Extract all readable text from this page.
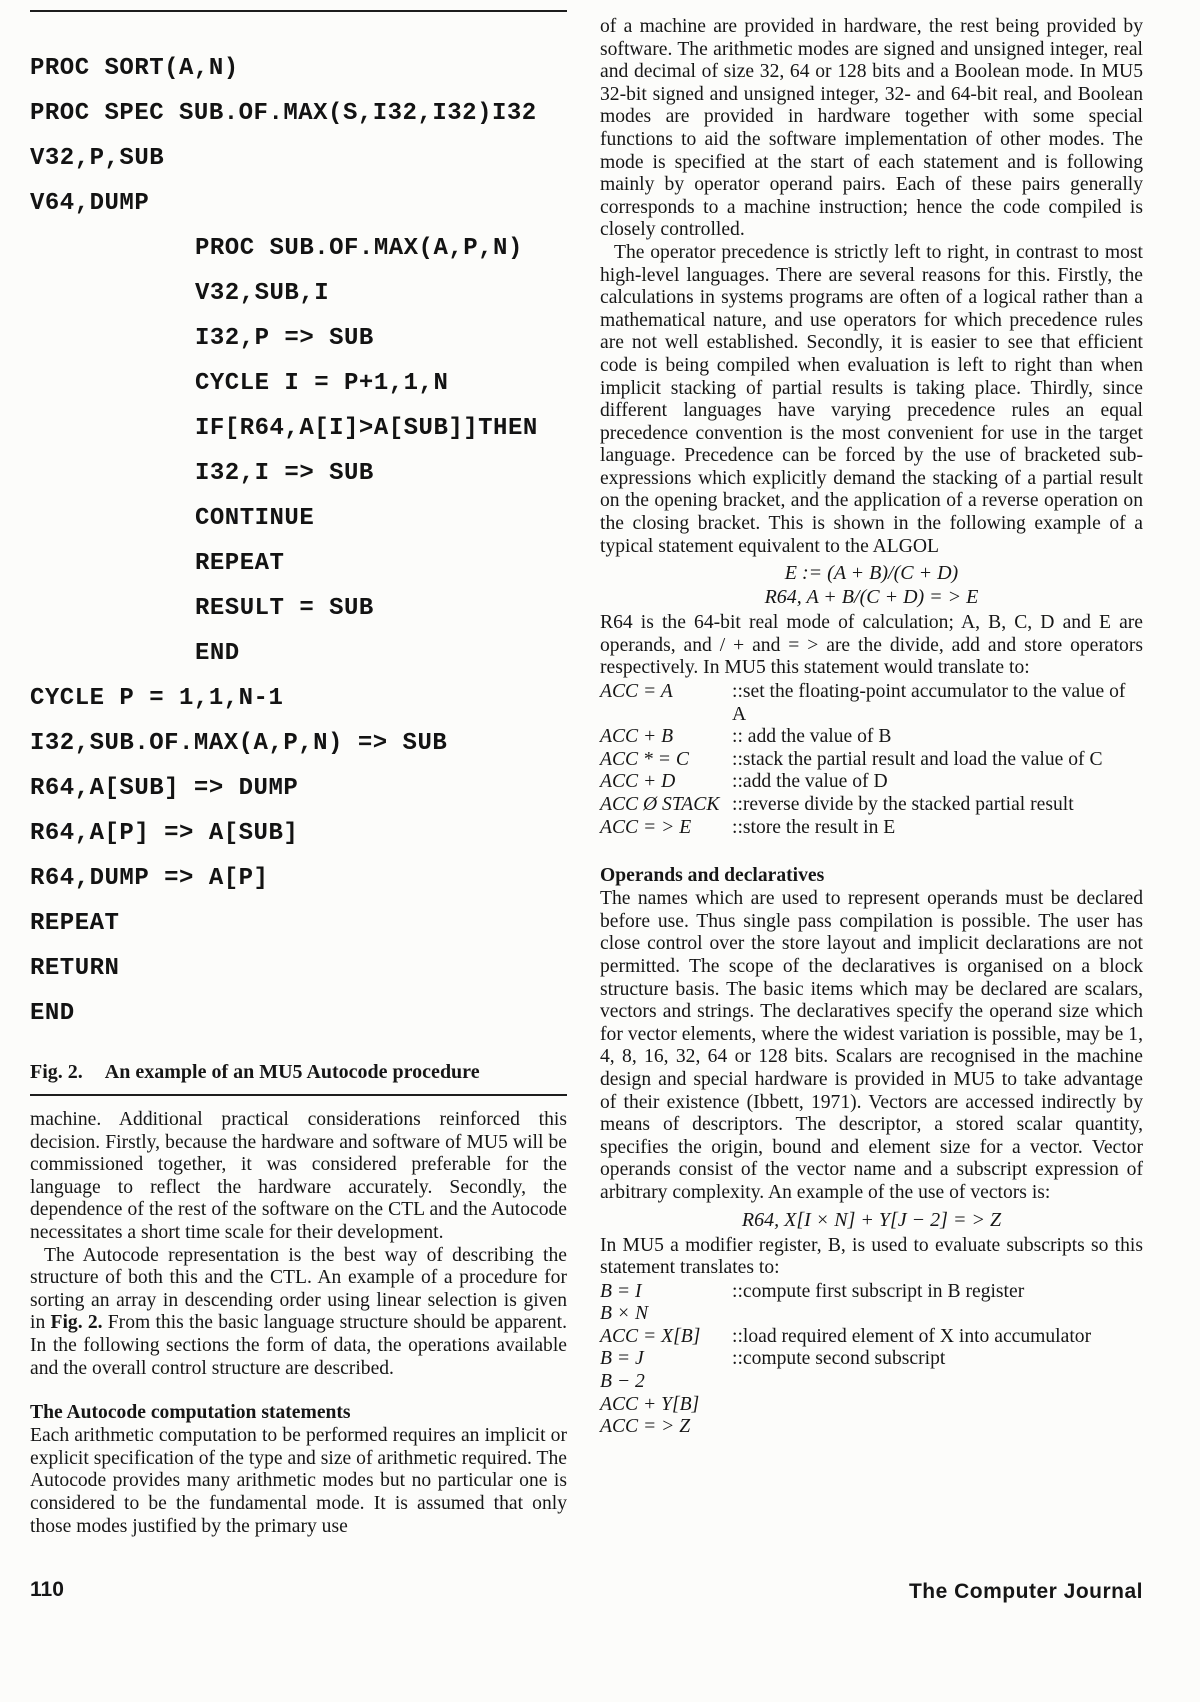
PROC SORT(A,N)
PROC SPEC SUB.OF.MAX(S,I32,I32)I32
V32,P,SUB
V64,DUMP
PROC SUB.OF.MAX(A,P,N)
V32,SUB,I
I32,P => SUB
CYCLE I = P+1,1,N
IF[R64,A[I]>A[SUB]]THEN
I32,I => SUB
CONTINUE
REPEAT
RESULT = SUB
END
CYCLE P = 1,1,N-1
I32,SUB.OF.MAX(A,P,N) => SUB
R64,A[SUB] => DUMP
R64,A[P] => A[SUB]
R64,DUMP => A[P]
REPEAT
RETURN
END
Fig. 2. An example of an MU5 Autocode procedure

machine. Additional practical considerations reinforced this decision. Firstly, because the hardware and software of MU5 will be commissioned together, it was considered preferable for the language to reflect the hardware accurately. Secondly, the dependence of the rest of the software on the CTL and the Autocode necessitates a short time scale for their development.

The Autocode representation is the best way of describing the structure of both this and the CTL. An example of a procedure for sorting an array in descending order using linear selection is given in Fig. 2. From this the basic language structure should be apparent. In the following sections the form of data, the operations available and the overall control structure are described.

The Autocode computation statements

Each arithmetic computation to be performed requires an implicit or explicit specification of the type and size of arithmetic required. The Autocode provides many arithmetic modes but no particular one is considered to be the fundamental mode. It is assumed that only those modes justified by the primary use

110

of a machine are provided in hardware, the rest being provided by software. The arithmetic modes are signed and unsigned integer, real and decimal of size 32, 64 or 128 bits and a Boolean mode. In MU5 32-bit signed and unsigned integer, 32- and 64-bit real, and Boolean modes are provided in hardware together with some special functions to aid the software implementation of other modes. The mode is specified at the start of each statement and is following mainly by operator operand pairs. Each of these pairs generally corresponds to a machine instruction; hence the code compiled is closely controlled.

The operator precedence is strictly left to right, in contrast to most high-level languages. There are several reasons for this. Firstly, the calculations in systems programs are often of a logical rather than a mathematical nature, and use operators for which precedence rules are not well established. Secondly, it is easier to see that efficient code is being compiled when evaluation is left to right than when implicit stacking of partial results is taking place. Thirdly, since different languages have varying precedence rules an equal precedence convention is the most convenient for use in the target language. Precedence can be forced by the use of bracketed sub-expressions which explicitly demand the stacking of a partial result on the opening bracket, and the application of a reverse operation on the closing bracket. This is shown in the following example of a typical statement equivalent to the ALGOL

E := (A + B)/(C + D)
R64, A + B/(C + D) = > E

R64 is the 64-bit real mode of calculation; A, B, C, D and E are operands, and / + and = > are the divide, add and store operators respectively. In MU5 this statement would translate to:

ACC = A	::set the floating-point accumulator to the value of A
ACC + B	:: add the value of B
ACC * = C	::stack the partial result and load the value of C
ACC + D	::add the value of D
ACC Ø STACK ::reverse divide by the stacked partial result
ACC = > E	::store the result in E
Operands and declaratives

The names which are used to represent operands must be declared before use. Thus single pass compilation is possible. The user has close control over the store layout and implicit declarations are not permitted. The scope of the declaratives is organised on a block structure basis. The basic items which may be declared are scalars, vectors and strings. The declaratives specify the operand size which for vector elements, where the widest variation is possible, may be 1, 4, 8, 16, 32, 64 or 128 bits. Scalars are recognised in the machine design and special hardware is provided in MU5 to take advantage of their existence (Ibbett, 1971). Vectors are accessed indirectly by means of descriptors. The descriptor, a stored scalar quantity, specifies the origin, bound and element size for a vector. Vector operands consist of the vector name and a subscript expression of arbitrary complexity. An example of the use of vectors is:

R64, X[I × N] + Y[J − 2] = > Z

In MU5 a modifier register, B, is used to evaluate subscripts so this statement translates to:

B = I	::compute first subscript in B register
B × N
ACC = X[B]	::load required element of X into accumulator
B = J	::compute second subscript
B − 2
ACC + Y[B]
ACC = > Z
The Computer Journal
